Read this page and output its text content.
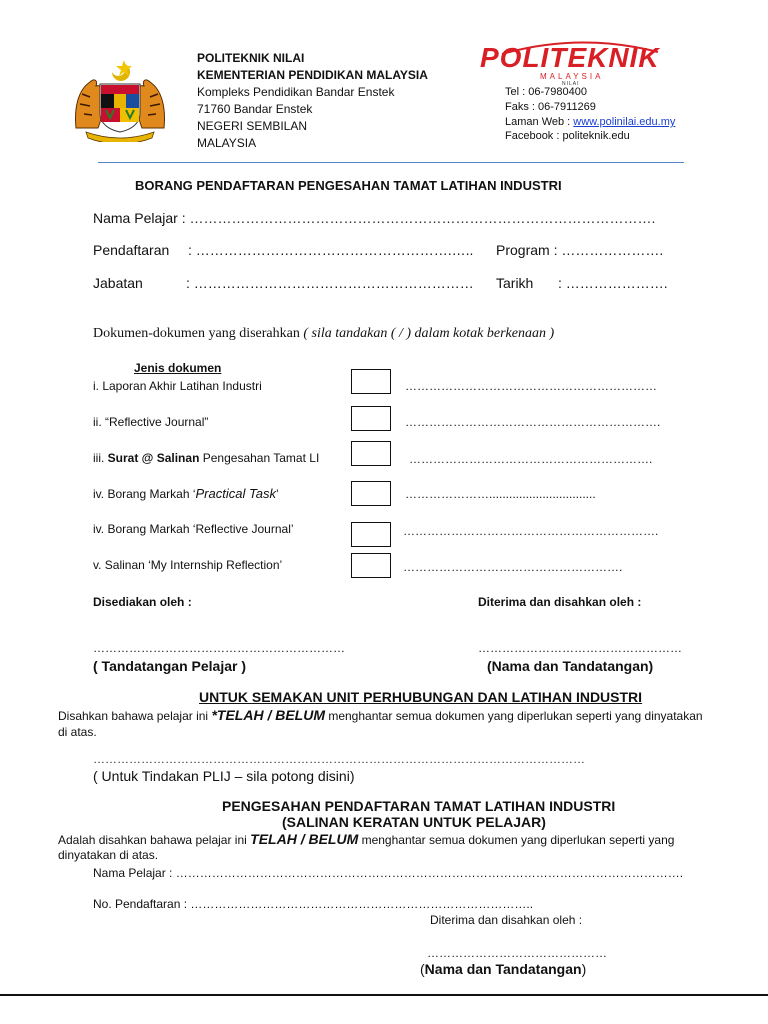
POLITEKNIK NILAI
KEMENTERIAN PENDIDIKAN MALAYSIA
Kompleks Pendidikan Bandar Enstek
71760 Bandar Enstek
NEGERI SEMBILAN
MALAYSIA
POLITEKNIK
MALAYSIA
NILAI
Tel : 06-7980400
Faks : 06-7911269
Laman Web : www.polinilai.edu.my
Facebook : politeknik.edu
BORANG PENDAFTARAN PENGESAHAN TAMAT LATIHAN INDUSTRI
Nama Pelajar : ……………………………………………………………………………………….
Pendaftaran : ……………………………………………….….. Program : ………………….
Jabatan	: …………………………………………………… Tarikh : ………………….
Dokumen-dokumen yang diserahkan ( sila tandakan ( / ) dalam kotak berkenaan )
Jenis dokumen
i. Laporan Akhir Latihan Industri	………………………………………………………
ii. “Reflective Journal”	……………………………………………………….
iii. Surat @ Salinan Pengesahan Tamat LI	…………………………………………………….
iv. Borang Markah ‘Practical Task’	…………………................................
iv. Borang Markah ‘Reflective Journal’	……………………………………………………….
v. Salinan ‘My Internship Reflection’	……………………………………………….
Disediakan oleh :	Diterima dan disahkan oleh :
………………………………………………………	……………………………………………
( Tandatangan Pelajar )	(Nama dan Tandatangan)
UNTUK SEMAKAN UNIT PERHUBUNGAN DAN LATIHAN INDUSTRI
Disahkan bahawa pelajar ini *TELAH / BELUM menghantar semua dokumen yang diperlukan seperti yang dinyatakan
di atas.
……………………………………………………………………………………………………………
( Untuk Tindakan PLIJ – sila potong disini)
PENGESAHAN PENDAFTARAN TAMAT LATIHAN INDUSTRI
(SALINAN KERATAN UNTUK PELAJAR)
Adalah disahkan bahawa pelajar ini TELAH / BELUM menghantar semua dokumen yang diperlukan seperti yang
dinyatakan di atas.
Nama Pelajar : ……………………………………………………………………………………………………………….
No. Pendaftaran : …………………………………………………………………………..
Diterima dan disahkan oleh :
………………………………………
(Nama dan Tandatangan)
